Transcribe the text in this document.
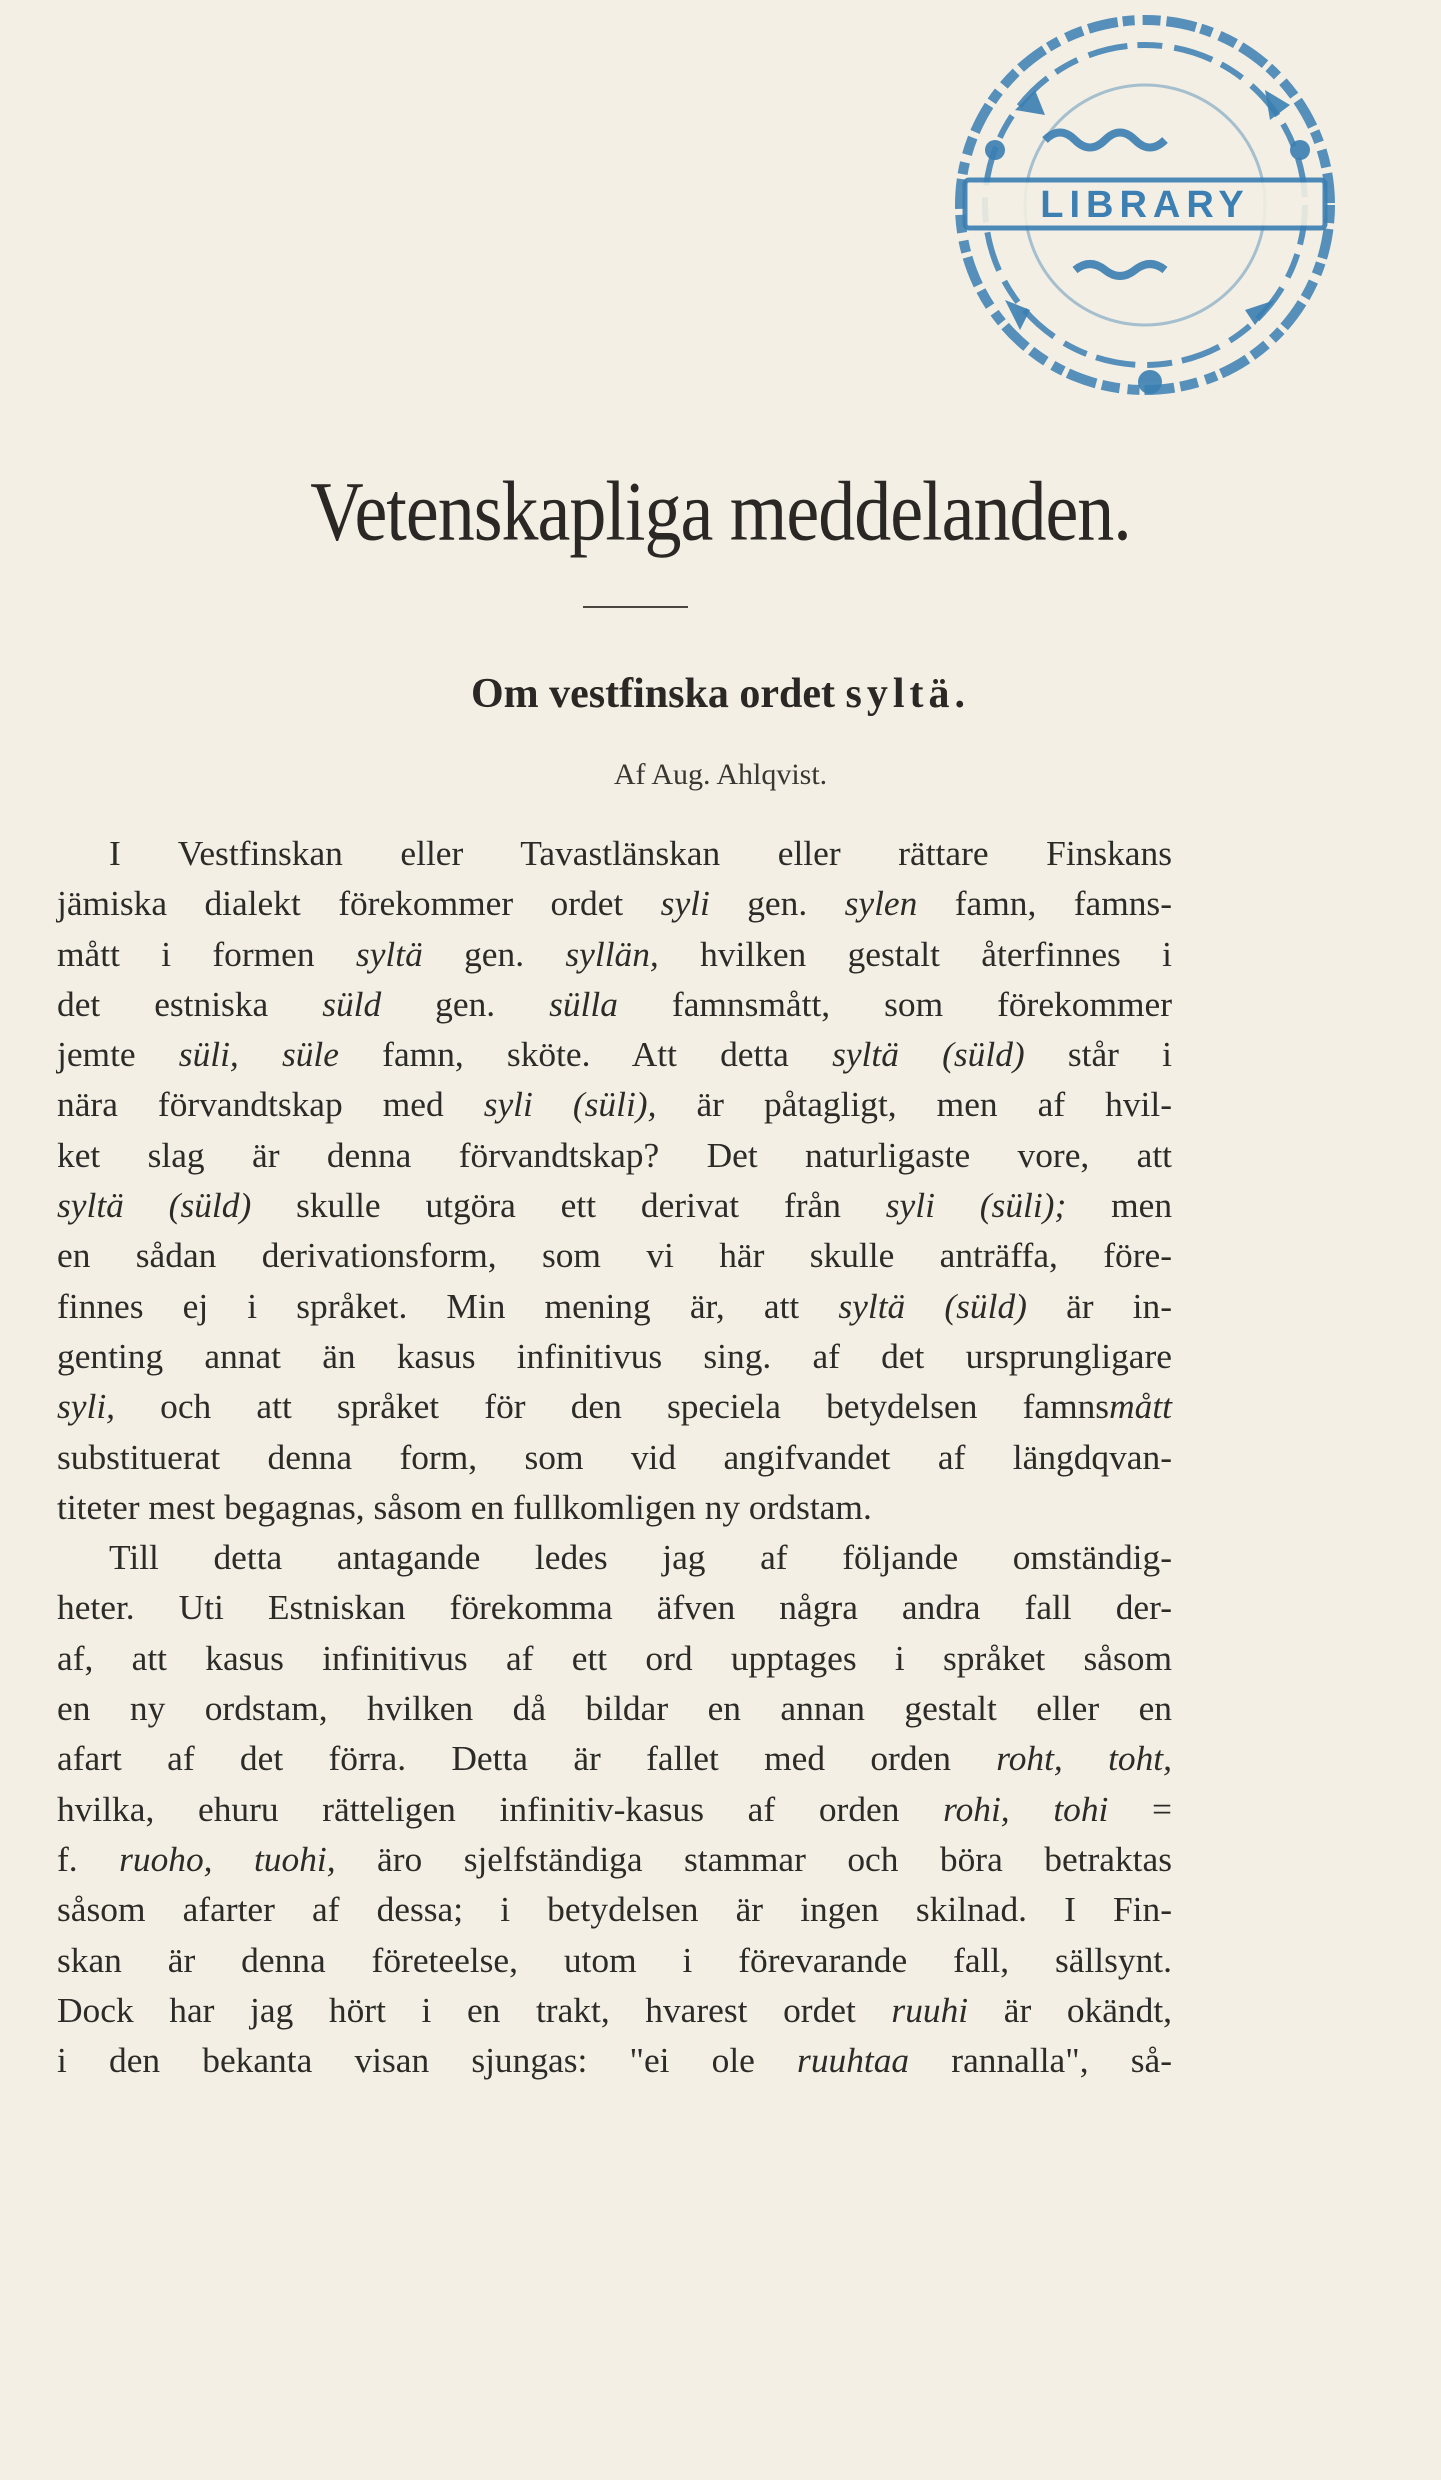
LIBRARY
Vetenskapliga meddelanden.
Om vestfinska ordet syltä.
Af Aug. Ahlqvist.
I Vestfinskan eller Tavastlänskan eller rättare Finskans
jämiska dialekt förekommer ordet syli gen. sylen famn, famns-
mått i formen syltä gen. syllän, hvilken gestalt återfinnes i
det estniska süld gen. sülla famnsmått, som förekommer
jemte süli, süle famn, sköte. Att detta syltä (süld) står i
nära förvandtskap med syli (süli), är påtagligt, men af hvil-
ket slag är denna förvandtskap? Det naturligaste vore, att
syltä (süld) skulle utgöra ett derivat från syli (süli); men
en sådan derivationsform, som vi här skulle anträffa, före-
finnes ej i språket. Min mening är, att syltä (süld) är in-
genting annat än kasus infinitivus sing. af det ursprungligare
syli, och att språket för den speciela betydelsen famnsmått
substituerat denna form, som vid angifvandet af längdqvan-
titeter mest begagnas, såsom en fullkomligen ny ordstam.
Till detta antagande ledes jag af följande omständig-
heter. Uti Estniskan förekomma äfven några andra fall der-
af, att kasus infinitivus af ett ord upptages i språket såsom
en ny ordstam, hvilken då bildar en annan gestalt eller en
afart af det förra. Detta är fallet med orden roht, toht,
hvilka, ehuru rätteligen infinitiv-kasus af orden rohi, tohi =
f. ruoho, tuohi, äro sjelfständiga stammar och böra betraktas
såsom afarter af dessa; i betydelsen är ingen skilnad. I Fin-
skan är denna företeelse, utom i förevarande fall, sällsynt.
Dock har jag hört i en trakt, hvarest ordet ruuhi är okändt,
i den bekanta visan sjungas: "ei ole ruuhtaa rannalla", så-
